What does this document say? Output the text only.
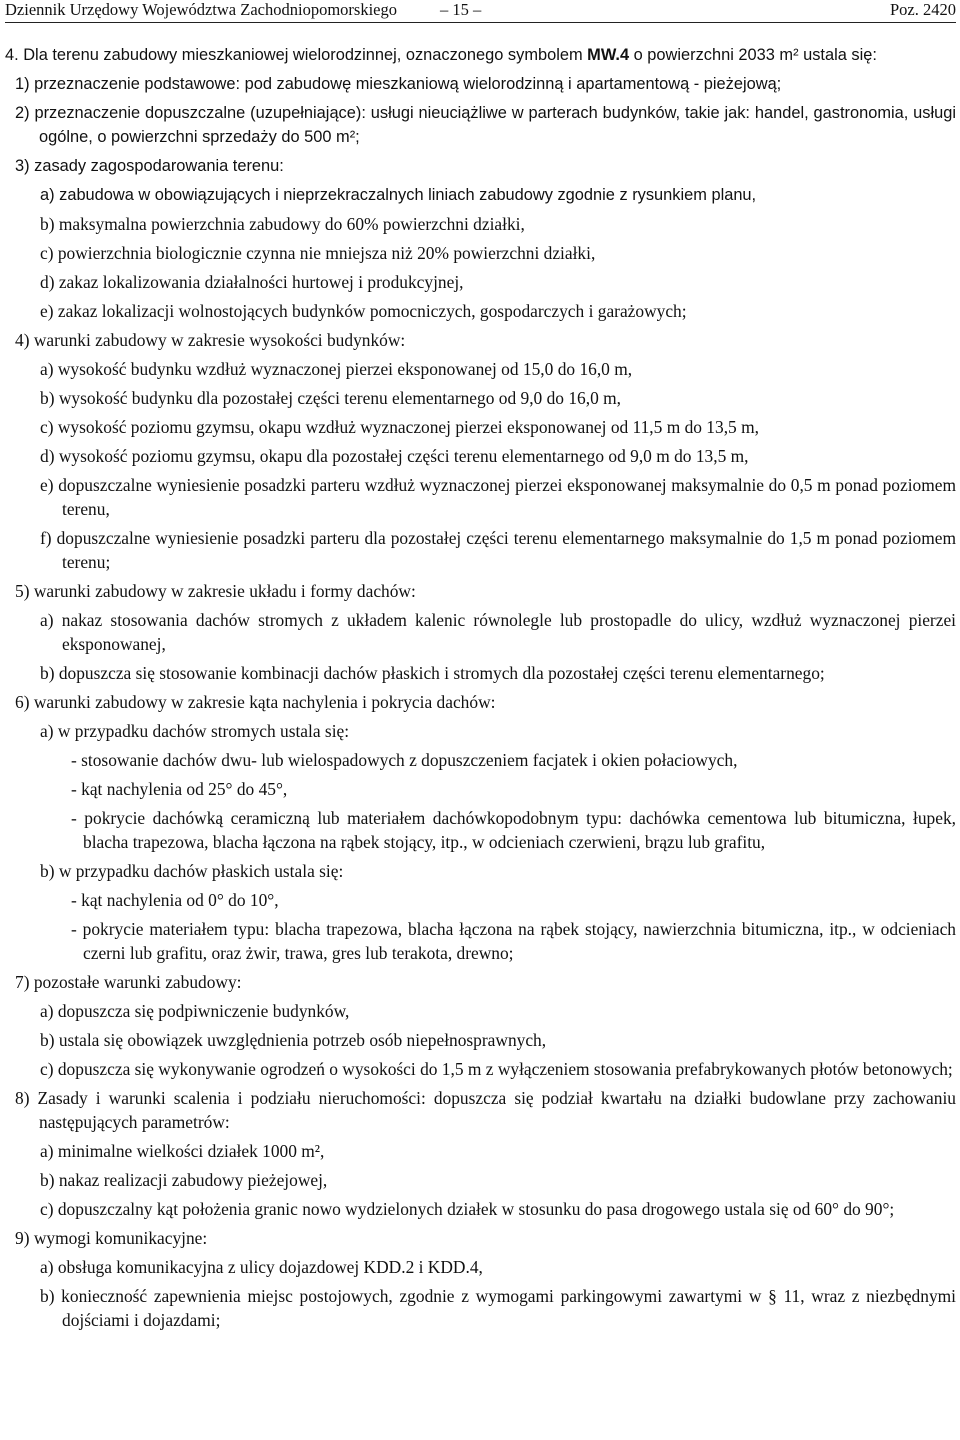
Dziennik Urzędowy Województwa Zachodniopomorskiego	– 15 –	Poz. 2420

4. Dla terenu zabudowy mieszkaniowej wielorodzinnej, oznaczonego symbolem MW.4 o powierzchni 2033 m² ustala się:

1) przeznaczenie podstawowe: pod zabudowę mieszkaniową wielorodzinną i apartamentową - pieżejową;

2) przeznaczenie dopuszczalne (uzupełniające): usługi nieuciążliwe w parterach budynków, takie jak: handel, gastronomia, usługi ogólne, o powierzchni sprzedaży do 500 m²;

3) zasady zagospodarowania terenu:

a) zabudowa w obowiązujących i nieprzekraczalnych liniach zabudowy zgodnie z rysunkiem planu,

b) maksymalna powierzchnia zabudowy do 60% powierzchni działki,

c) powierzchnia biologicznie czynna nie mniejsza niż 20% powierzchni działki,

d) zakaz lokalizowania działalności hurtowej i produkcyjnej,

e) zakaz lokalizacji wolnostojących budynków pomocniczych, gospodarczych i garażowych;

4) warunki zabudowy w zakresie wysokości budynków:

a) wysokość budynku wzdłuż wyznaczonej pierzei eksponowanej od 15,0 do 16,0 m,

b) wysokość budynku dla pozostałej części terenu elementarnego od 9,0 do 16,0 m,

c) wysokość poziomu gzymsu, okapu wzdłuż wyznaczonej pierzei eksponowanej od 11,5 m do 13,5 m,

d) wysokość poziomu gzymsu, okapu dla pozostałej części terenu elementarnego od 9,0 m do 13,5 m,

e) dopuszczalne wyniesienie posadzki parteru wzdłuż wyznaczonej pierzei eksponowanej maksymalnie do 0,5 m ponad poziomem terenu,

f) dopuszczalne wyniesienie posadzki parteru dla pozostałej części terenu elementarnego maksymalnie do 1,5 m ponad poziomem terenu;

5) warunki zabudowy w zakresie układu i formy dachów:

a) nakaz stosowania dachów stromych z układem kalenic równolegle lub prostopadle do ulicy, wzdłuż wyznaczonej pierzei eksponowanej,

b) dopuszcza się stosowanie kombinacji dachów płaskich i stromych dla pozostałej części terenu elementarnego;

6) warunki zabudowy w zakresie kąta nachylenia i pokrycia dachów:

a) w przypadku dachów stromych ustala się:

- stosowanie dachów dwu- lub wielospadowych z dopuszczeniem facjatek i okien połaciowych,

- kąt nachylenia od 25° do 45°,

- pokrycie dachówką ceramiczną lub materiałem dachówkopodobnym typu: dachówka cementowa lub bitumiczna, łupek, blacha trapezowa, blacha łączona na rąbek stojący, itp., w odcieniach czerwieni, brązu lub grafitu,

b) w przypadku dachów płaskich ustala się:

- kąt nachylenia od 0° do 10°,

- pokrycie materiałem typu: blacha trapezowa, blacha łączona na rąbek stojący, nawierzchnia bitumiczna, itp., w odcieniach czerni lub grafitu, oraz żwir, trawa, gres lub terakota, drewno;

7) pozostałe warunki zabudowy:

a) dopuszcza się podpiwniczenie budynków,

b) ustala się obowiązek uwzględnienia potrzeb osób niepełnosprawnych,

c) dopuszcza się wykonywanie ogrodzeń o wysokości do 1,5 m z wyłączeniem stosowania prefabrykowanych płotów betonowych;

8) Zasady i warunki scalenia i podziału nieruchomości: dopuszcza się podział kwartału na działki budowlane przy zachowaniu następujących parametrów:

a) minimalne wielkości działek 1000 m²,

b) nakaz realizacji zabudowy pieżejowej,

c) dopuszczalny kąt położenia granic nowo wydzielonych działek w stosunku do pasa drogowego ustala się od 60° do 90°;

9) wymogi komunikacyjne:

a) obsługa komunikacyjna z ulicy dojazdowej KDD.2 i KDD.4,

b) konieczność zapewnienia miejsc postojowych, zgodnie z wymogami parkingowymi zawartymi w § 11, wraz z niezbędnymi dojściami i dojazdami;
